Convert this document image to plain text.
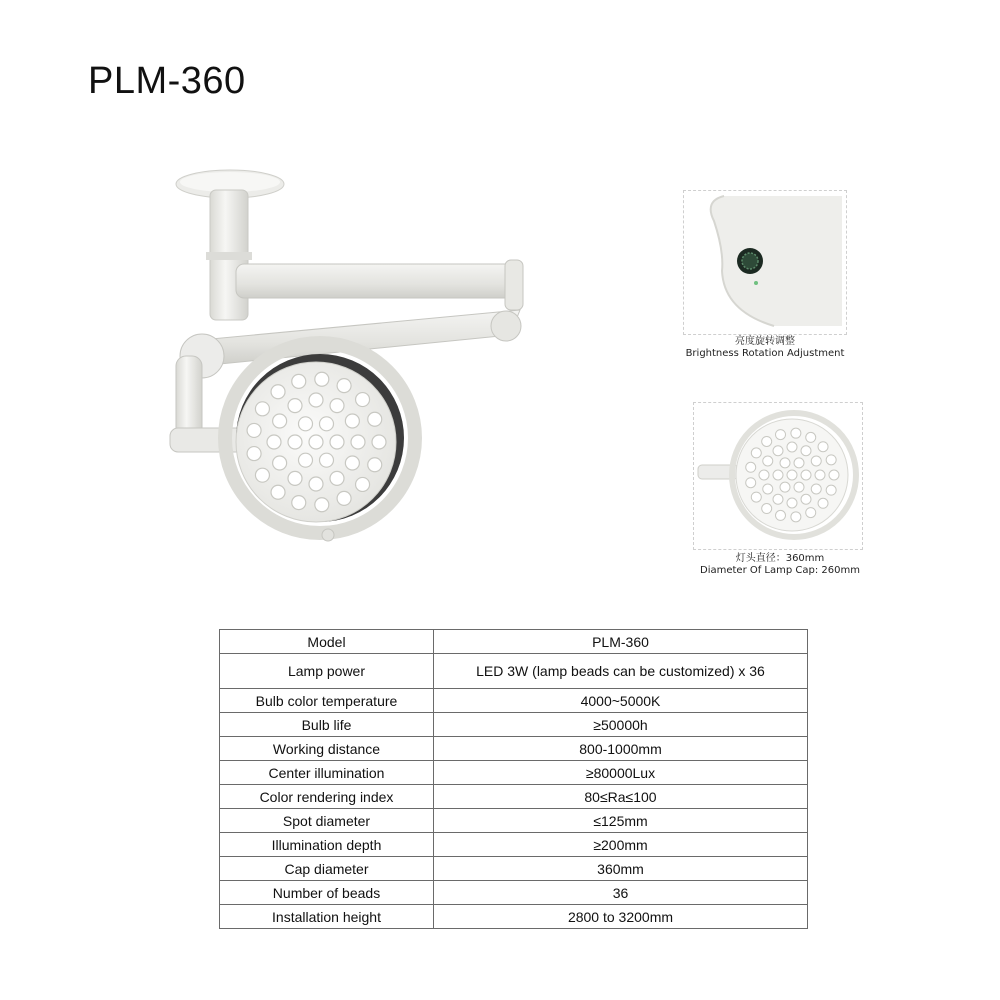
PLM-360
亮度旋转调整
Brightness Rotation Adjustment
灯头直径：360mm
Diameter Of Lamp Cap: 260mm
Model	PLM-360
Lamp power	LED 3W (lamp beads can be customized) x 36
Bulb color temperature	4000~5000K
Bulb life	≥50000h
Working distance	800-1000mm
Center illumination	≥80000Lux
Color rendering index	80≤Ra≤100
Spot diameter	≤125mm
Illumination depth	≥200mm
Cap diameter	360mm
Number of beads	36
Installation height	2800 to 3200mm
